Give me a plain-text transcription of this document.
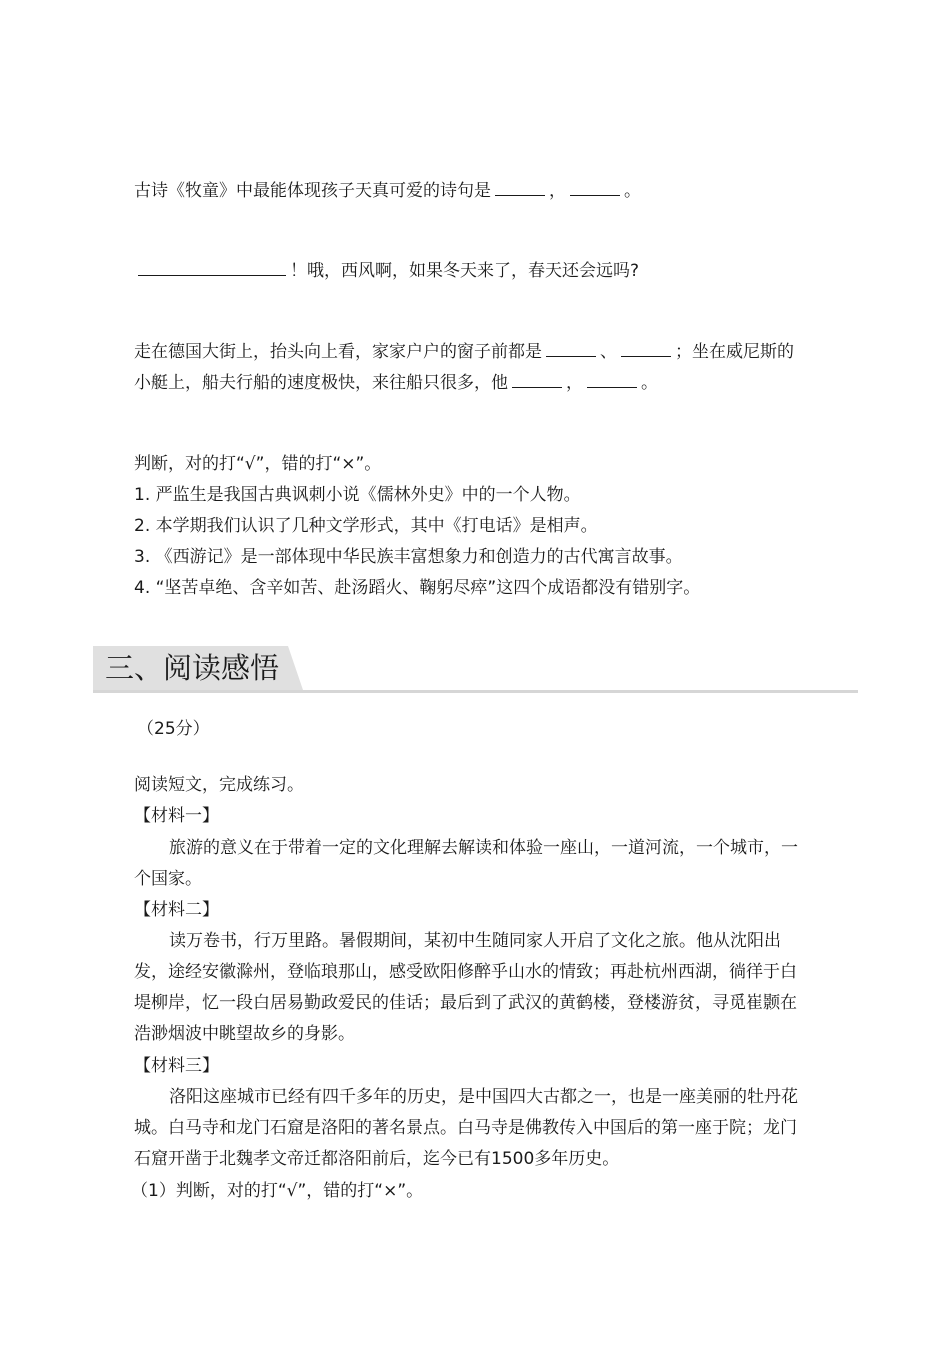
古诗《牧童》中最能体现孩子天真可爱的诗句是	，	。
！哦，西风啊，如果冬天来了，春天还会远吗?
走在德国大街上，抬头向上看，家家户户的窗子前都是	、	；坐在威尼斯的
小艇上，船夫行船的速度极快，来往船只很多，他	，	。
判断，对的打“√”，错的打“×”。
1. 严监生是我国古典讽刺小说《儒林外史》中的一个人物。
2. 本学期我们认识了几种文学形式，其中《打电话》是相声。
3. 《西游记》是一部体现中华民族丰富想象力和创造力的古代寓言故事。
4. “坚苦卓绝、含辛如苦、赴汤蹈火、鞠躬尽瘁”这四个成语都没有错别字。
三、阅读感悟
（25分）
阅读短文，完成练习。
【材料一】
旅游的意义在于带着一定的文化理解去解读和体验一座山，一道河流，一个城市，一
个国家。
【材料二】
读万卷书，行万里路。暑假期间，某初中生随同家人开启了文化之旅。他从沈阳出
发，途经安徽滁州，登临琅那山，感受欧阳修醉乎山水的情致；再赴杭州西湖，徜徉于白
堤柳岸，忆一段白居易勤政爱民的佳话；最后到了武汉的黄鹤楼，登楼游贫，寻觅崔颢在
浩渺烟波中眺望故乡的身影。
【材料三】
洛阳这座城市已经有四千多年的历史，是中国四大古都之一，也是一座美丽的牡丹花
城。白马寺和龙门石窟是洛阳的著名景点。白马寺是佛教传入中国后的第一座于院；龙门
石窟开凿于北魏孝文帝迁都洛阳前后，迄今已有1500多年历史。
（1）判断，对的打“√”，错的打“×”。
